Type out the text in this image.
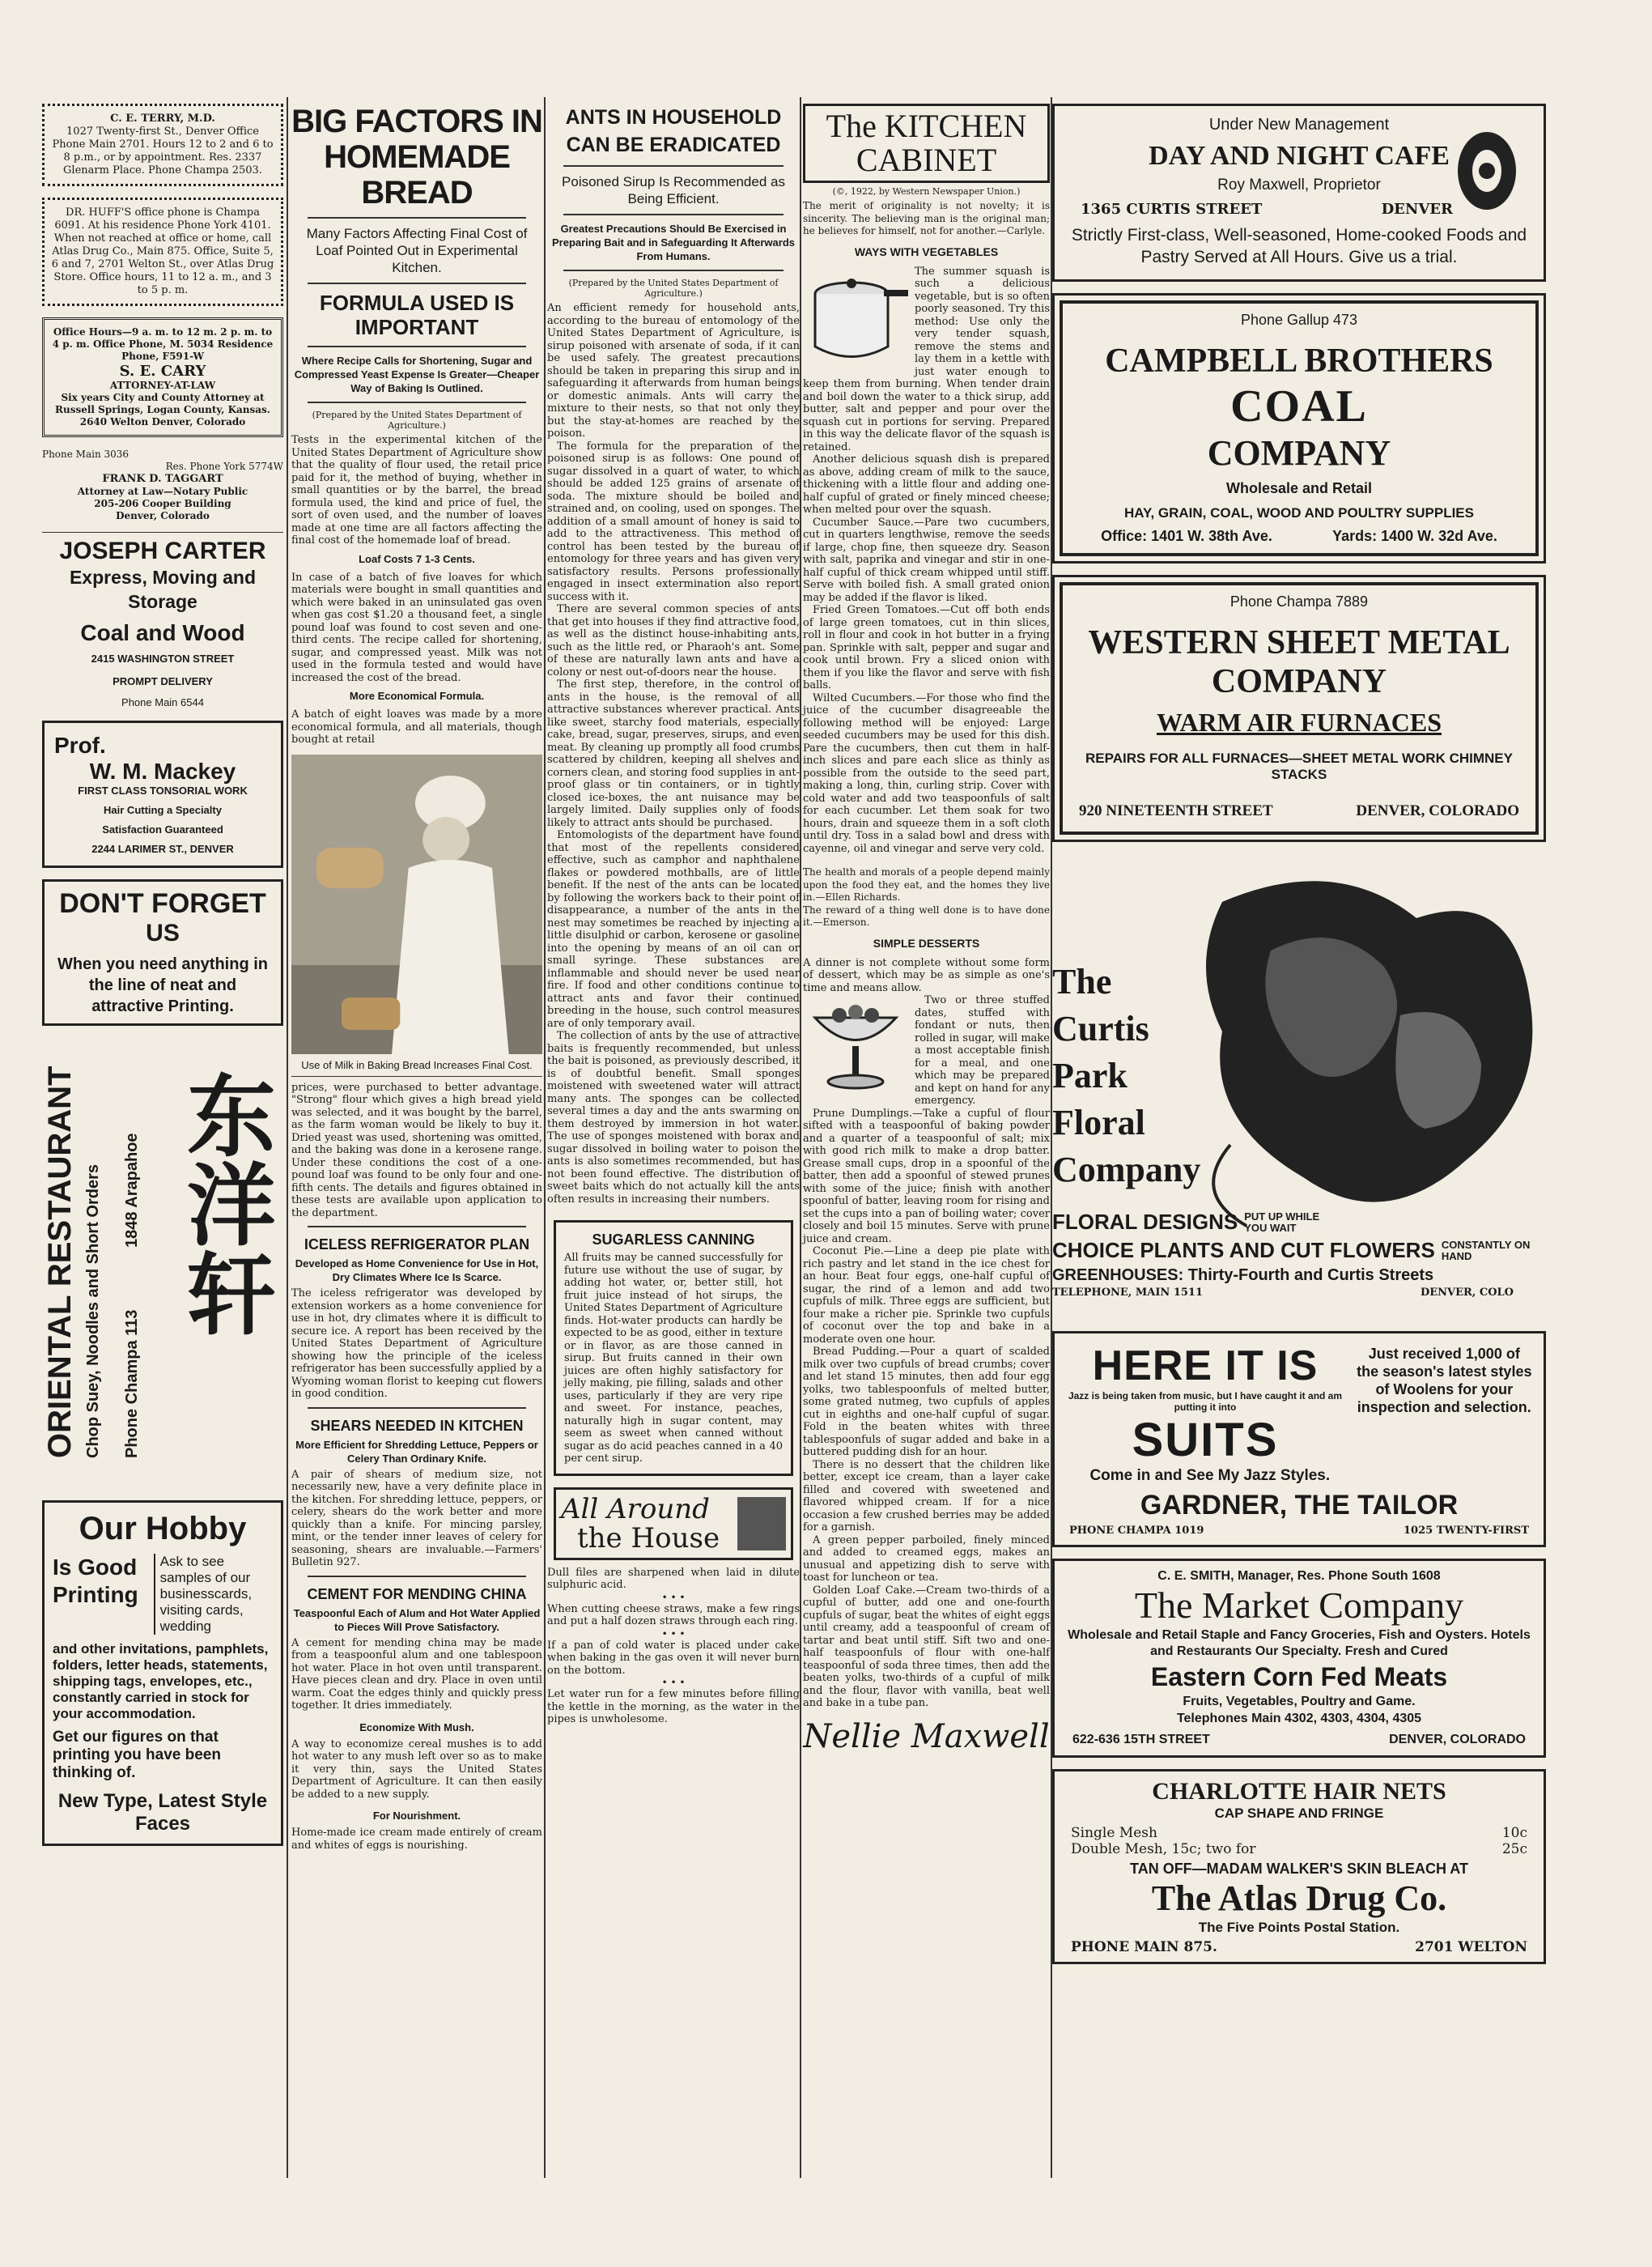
C. E. TERRY, M.D.
1027 Twenty-first St., Denver Office Phone Main 2701. Hours 12 to 2 and 6 to 8 p.m., or by appointment. Res. 2337 Glenarm Place. Phone Champa 2503.
DR. HUFF'S office phone is Champa 6091. At his residence Phone York 4101. When not reached at office or home, call Atlas Drug Co., Main 875. Office, Suite 5, 6 and 7, 2701 Welton St., over Atlas Drug Store. Office hours, 11 to 12 a. m., and 3 to 5 p. m.
Office Hours—9 a. m. to 12 m. 2 p. m. to 4 p. m. Office Phone, M. 5034 Residence Phone, F591-W
S. E. CARY
ATTORNEY-AT-LAW
Six years City and County Attorney at Russell Springs, Logan County, Kansas.
2640 Welton Denver, Colorado
Phone Main 3036
Res. Phone York 5774W
FRANK D. TAGGART
Attorney at Law—Notary Public
205-206 Cooper Building
Denver, Colorado
JOSEPH CARTER
Express, Moving and Storage
Coal and Wood
2415 WASHINGTON STREET
PROMPT DELIVERY
Phone Main 6544
Prof.
W. M. Mackey
FIRST CLASS TONSORIAL WORK
Hair Cutting a Specialty
Satisfaction Guaranteed
2244 LARIMER ST., DENVER
DON'T FORGET
US
When you need anything in the line of neat and attractive Printing.
ORIENTAL RESTAURANT Chop Suey, Noodles and Short Orders 1848 Arapahoe
Phone Champa 113
东洋轩
Our Hobby
Is Good Printing
Ask to see samples of our businesscards, visiting cards, wedding
and other invitations, pamphlets, folders, letter heads, statements, shipping tags, envelopes, etc., constantly carried in stock for your accommodation.
Get our figures on that printing you have been thinking of.
New Type, Latest Style Faces
BIG FACTORS IN HOMEMADE BREAD
Many Factors Affecting Final Cost of Loaf Pointed Out in Experimental Kitchen.
FORMULA USED IS IMPORTANT
Where Recipe Calls for Shortening, Sugar and Compressed Yeast Expense Is Greater—Cheaper Way of Baking Is Outlined.
(Prepared by the United States Department of Agriculture.)

Tests in the experimental kitchen of the United States Department of Agriculture show that the quality of flour used, the retail price paid for it, the method of buying, whether in small quantities or by the barrel, the bread formula used, the kind and price of fuel, the sort of oven used, and the number of loaves made at one time are all factors affecting the final cost of the homemade loaf of bread.

Loaf Costs 7 1-3 Cents.

In case of a batch of five loaves for which materials were bought in small quantities and which were baked in an uninsulated gas oven when gas cost $1.20 a thousand feet, a single pound loaf was found to cost seven and one-third cents. The recipe called for shortening, sugar, and compressed yeast. Milk was not used in the formula tested and would have increased the cost of the bread.

More Economical Formula.

A batch of eight loaves was made by a more economical formula, and all materials, though bought at retail

Use of Milk in Baking Bread Increases Final Cost.

prices, were purchased to better advantage. "Strong" flour which gives a high bread yield was selected, and it was bought by the barrel, as the farm woman would be likely to buy it. Dried yeast was used, shortening was omitted, and the baking was done in a kerosene range. Under these conditions the cost of a one-pound loaf was found to be only four and one-fifth cents. The details and figures obtained in these tests are available upon application to the department.

ICELESS REFRIGERATOR PLAN
Developed as Home Convenience for Use in Hot, Dry Climates Where Ice Is Scarce.

The iceless refrigerator was developed by extension workers as a home convenience for use in hot, dry climates where it is difficult to secure ice. A report has been received by the United States Department of Agriculture showing how the principle of the iceless refrigerator has been successfully applied by a Wyoming woman florist to keeping cut flowers in good condition.

SHEARS NEEDED IN KITCHEN
More Efficient for Shredding Lettuce, Peppers or Celery Than Ordinary Knife.

A pair of shears of medium size, not necessarily new, have a very definite place in the kitchen. For shredding lettuce, peppers, or celery, shears do the work better and more quickly than a knife. For mincing parsley, mint, or the tender inner leaves of celery for seasoning, shears are invaluable.—Farmers' Bulletin 927.

CEMENT FOR MENDING CHINA
Teaspoonful Each of Alum and Hot Water Applied to Pieces Will Prove Satisfactory.

A cement for mending china may be made from a teaspoonful alum and one tablespoon hot water. Place in hot oven until transparent. Have pieces clean and dry. Place in oven until warm. Coat the edges thinly and quickly press together. It dries immediately.

Economize With Mush.

A way to economize cereal mushes is to add hot water to any mush left over so as to make it very thin, says the United States Department of Agriculture. It can then easily be added to a new supply.

For Nourishment.

Home-made ice cream made entirely of cream and whites of eggs is nourishing.

ANTS IN HOUSEHOLD CAN BE ERADICATED
Poisoned Sirup Is Recommended as Being Efficient.
Greatest Precautions Should Be Exercised in Preparing Bait and in Safeguarding It Afterwards From Humans.
(Prepared by the United States Department of Agriculture.)

An efficient remedy for household ants, according to the bureau of entomology of the United States Department of Agriculture, is sirup poisoned with arsenate of soda, if it can be used safely. The greatest precautions should be taken in preparing this sirup and in safeguarding it afterwards from human beings or domestic animals. Ants will carry the mixture to their nests, so that not only they but the stay-at-homes are reached by the poison.

The formula for the preparation of the poisoned sirup is as follows: One pound of sugar dissolved in a quart of water, to which should be added 125 grains of arsenate of soda. The mixture should be boiled and strained and, on cooling, used on sponges. The addition of a small amount of honey is said to add to the attractiveness. This method of control has been tested by the bureau of entomology for three years and has given very satisfactory results. Persons professionally engaged in insect extermination also report success with it.

There are several common species of ants that get into houses if they find attractive food, as well as the distinct house-inhabiting ants, such as the little red, or Pharaoh's ant. Some of these are naturally lawn ants and have a colony or nest out-of-doors near the house.

The first step, therefore, in the control of ants in the house, is the removal of all attractive substances wherever practical. Ants like sweet, starchy food materials, especially cake, bread, sugar, preserves, sirups, and even meat. By cleaning up promptly all food crumbs scattered by children, keeping all shelves and corners clean, and storing food supplies in ant-proof glass or tin containers, or in tightly closed ice-boxes, the ant nuisance may be largely limited. Daily supplies only of foods likely to attract ants should be purchased.

Entomologists of the department have found that most of the repellents considered effective, such as camphor and naphthalene flakes or powdered mothballs, are of little benefit. If the nest of the ants can be located by following the workers back to their point of disappearance, a number of the ants in the nest may sometimes be reached by injecting a little disulphid or carbon, kerosene or gasoline into the opening by means of an oil can or small syringe. These substances are inflammable and should never be used near fire. If food and other conditions continue to attract ants and favor their continued breeding in the house, such control measures are of only temporary avail.

The collection of ants by the use of attractive baits is frequently recommended, but unless the bait is poisoned, as previously described, it is of doubtful benefit. Small sponges moistened with sweetened water will attract many ants. The sponges can be collected several times a day and the ants swarming on them destroyed by immersion in hot water. The use of sponges moistened with borax and sugar dissolved in boiling water to poison the ants is also sometimes recommended, but has not been found effective. The distribution of sweet baits which do not actually kill the ants often results in increasing their numbers.

SUGARLESS CANNING

All fruits may be canned successfully for future use without the use of sugar, by adding hot water, or, better still, hot fruit juice instead of hot sirups, the United States Department of Agriculture finds. Hot-water products can hardly be expected to be as good, either in texture or in flavor, as are those canned in sirup. But fruits canned in their own juices are often highly satisfactory for jelly making, pie filling, salads and other uses, particularly if they are very ripe and sweet. For instance, peaches, naturally high in sugar content, may seem as sweet when canned without sugar as do acid peaches canned in a 40 per cent sirup.

All Around
the House

Dull files are sharpened when laid in dilute sulphuric acid.

• • •

When cutting cheese straws, make a few rings and put a half dozen straws through each ring.

• • •

If a pan of cold water is placed under cake when baking in the gas oven it will never burn on the bottom.

• • •

Let water run for a few minutes before filling the kettle in the morning, as the water in the pipes is unwholesome.

The KITCHEN
CABINET
(©, 1922, by Western Newspaper Union.)

The merit of originality is not novelty; it is sincerity. The believing man is the original man; he believes for himself, not for another.—Carlyle.

WAYS WITH VEGETABLES

The summer squash is such a delicious vegetable, but is so often poorly seasoned. Try this method: Use only the very tender squash, remove the stems and lay them in a kettle with just water enough to keep them from burning. When tender drain and boil down the water to a thick sirup, add butter, salt and pepper and pour over the squash cut in portions for serving. Prepared in this way the delicate flavor of the squash is retained.

Another delicious squash dish is prepared as above, adding cream of milk to the sauce, thickening with a little flour and adding one-half cupful of grated or finely minced cheese; when melted pour over the squash.

Cucumber Sauce.—Pare two cucumbers, cut in quarters lengthwise, remove the seeds if large, chop fine, then squeeze dry. Season with salt, paprika and vinegar and stir in one-half cupful of thick cream whipped until stiff. Serve with boiled fish. A small grated onion may be added if the flavor is liked.

Fried Green Tomatoes.—Cut off both ends of large green tomatoes, cut in thin slices, roll in flour and cook in hot butter in a frying pan. Sprinkle with salt, pepper and sugar and cook until brown. Fry a sliced onion with them if you like the flavor and serve with fish balls.

Wilted Cucumbers.—For those who find the juice of the cucumber disagreeable the following method will be enjoyed: Large seeded cucumbers may be used for this dish. Pare the cucumbers, then cut them in half-inch slices and pare each slice as thinly as possible from the outside to the seed part, making a long, thin, curling strip. Cover with cold water and add two teaspoonfuls of salt for each cucumber. Let them soak for two hours, drain and squeeze them in a soft cloth until dry. Toss in a salad bowl and dress with cayenne, oil and vinegar and serve very cold.

The health and morals of a people depend mainly upon the food they eat, and the homes they live in.—Ellen Richards.

The reward of a thing well done is to have done it.—Emerson.

SIMPLE DESSERTS

A dinner is not complete without some form of dessert, which may be as simple as one's time and means allow.

Two or three stuffed dates, stuffed with fondant or nuts, then rolled in sugar, will make a most acceptable finish for a meal, and one which may be prepared and kept on hand for any emergency.

Prune Dumplings.—Take a cupful of flour sifted with a teaspoonful of baking powder and a quarter of a teaspoonful of salt; mix with good rich milk to make a drop batter. Grease small cups, drop in a spoonful of the batter, then add a spoonful of stewed prunes with some of the juice; finish with another spoonful of batter, leaving room for rising and set the cups into a pan of boiling water; cover closely and boil 15 minutes. Serve with prune juice and cream.

Coconut Pie.—Line a deep pie plate with rich pastry and let stand in the ice chest for an hour. Beat four eggs, one-half cupful of sugar, the rind of a lemon and add two cupfuls of milk. Three eggs are sufficient, but four make a richer pie. Sprinkle two cupfuls of coconut over the top and bake in a moderate oven one hour.

Bread Pudding.—Pour a quart of scalded milk over two cupfuls of bread crumbs; cover and let stand 15 minutes, then add four egg yolks, two tablespoonfuls of melted butter, some grated nutmeg, two cupfuls of apples cut in eighths and one-half cupful of sugar. Fold in the beaten whites with three tablespoonfuls of sugar added and bake in a buttered pudding dish for an hour.

There is no dessert that the children like better, except ice cream, than a layer cake filled and covered with sweetened and flavored whipped cream. If for a nice occasion a few crushed berries may be added for a garnish.

A green pepper parboiled, finely minced and added to creamed eggs, makes an unusual and appetizing dish to serve with toast for luncheon or tea.

Golden Loaf Cake.—Cream two-thirds of a cupful of butter, add one and one-fourth cupfuls of sugar, beat the whites of eight eggs until creamy, add a teaspoonful of cream of tartar and beat until stiff. Sift two and one-half teaspoonfuls of flour with one-half teaspoonful of soda three times, then add the beaten yolks, two-thirds of a cupful of milk and the flour, flavor with vanilla, beat well and bake in a tube pan.

Nellie Maxwell
Under New Management
DAY AND NIGHT CAFE
Roy Maxwell, Proprietor
1365 CURTIS STREET	DENVER
Strictly First-class, Well-seasoned, Home-cooked Foods and Pastry Served at All Hours. Give us a trial.
Phone Gallup 473
CAMPBELL BROTHERS
COAL
COMPANY
Wholesale and Retail
HAY, GRAIN, COAL, WOOD AND POULTRY SUPPLIES
Office: 1401 W. 38th Ave.	Yards: 1400 W. 32d Ave.
Phone Champa 7889
WESTERN SHEET METAL
COMPANY
WARM AIR FURNACES
REPAIRS FOR ALL FURNACES—SHEET METAL WORK CHIMNEY STACKS
920 NINETEENTH STREET	DENVER, COLORADO
The
Curtis
Park
Floral
Company
FLORAL DESIGNS PUT UP WHILE YOU WAIT
CHOICE PLANTS AND CUT FLOWERS CONSTANTLY ON HAND
GREENHOUSES: Thirty-Fourth and Curtis Streets
TELEPHONE, MAIN 1511	DENVER, COLO
HERE IT IS	Just received 1,000 of the season's latest styles of Woolens for your inspection and selection.
Jazz is being taken from music, but I have caught it and am putting it into
SUITS
Come in and See My Jazz Styles.
GARDNER, THE TAILOR
PHONE CHAMPA 1019	1025 TWENTY-FIRST
C. E. SMITH, Manager, Res. Phone South 1608
The Market Company
Wholesale and Retail Staple and Fancy Groceries, Fish and Oysters. Hotels and Restaurants Our Specialty. Fresh and Cured
Eastern Corn Fed Meats
Fruits, Vegetables, Poultry and Game.
Telephones Main 4302, 4303, 4304, 4305
622-636 15TH STREET	DENVER, COLORADO
CHARLOTTE HAIR NETS
CAP SHAPE AND FRINGE
Single Mesh	10c
Double Mesh, 15c; two for	25c
TAN OFF—MADAM WALKER'S SKIN BLEACH AT
The Atlas Drug Co.
The Five Points Postal Station.
PHONE MAIN 875.	2701 WELTON
